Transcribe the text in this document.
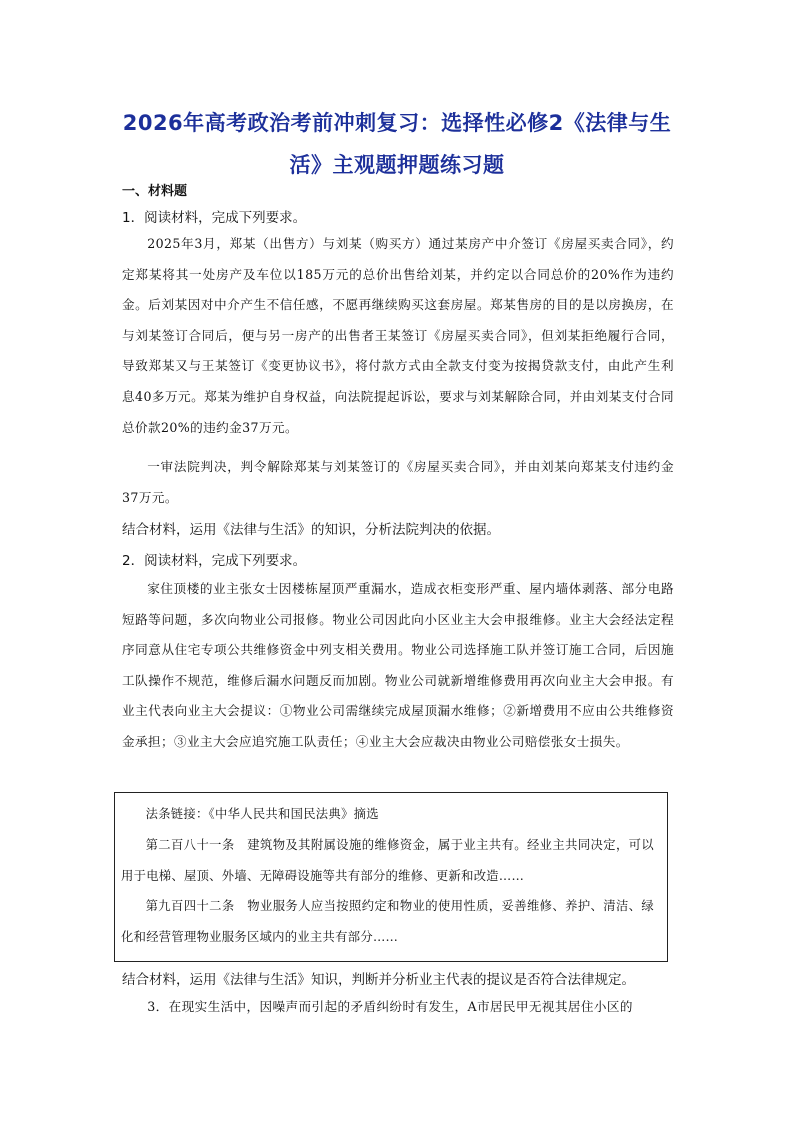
2026年高考政治考前冲刺复习：选择性必修2《法律与生活》主观题押题练习题
一、材料题
1．阅读材料，完成下列要求。
2025年3月，郑某（出售方）与刘某（购买方）通过某房产中介签订《房屋买卖合同》，约定郑某将其一处房产及车位以185万元的总价出售给刘某，并约定以合同总价的20%作为违约金。后刘某因对中介产生不信任感，不愿再继续购买这套房屋。郑某售房的目的是以房换房，在与刘某签订合同后，便与另一房产的出售者王某签订《房屋买卖合同》，但刘某拒绝履行合同，导致郑某又与王某签订《变更协议书》，将付款方式由全款支付变为按揭贷款支付，由此产生利息40多万元。郑某为维护自身权益，向法院提起诉讼，要求与刘某解除合同，并由刘某支付合同总价款20%的违约金37万元。
一审法院判决，判令解除郑某与刘某签订的《房屋买卖合同》，并由刘某向郑某支付违约金37万元。
结合材料，运用《法律与生活》的知识，分析法院判决的依据。
2．阅读材料，完成下列要求。
家住顶楼的业主张女士因楼栋屋顶严重漏水，造成衣柜变形严重、屋内墙体剥落、部分电路短路等问题，多次向物业公司报修。物业公司因此向小区业主大会申报维修。业主大会经法定程序同意从住宅专项公共维修资金中列支相关费用。物业公司选择施工队并签订施工合同，后因施工队操作不规范，维修后漏水问题反而加剧。物业公司就新增维修费用再次向业主大会申报。有业主代表向业主大会提议：①物业公司需继续完成屋顶漏水维修；②新增费用不应由公共维修资金承担；③业主大会应追究施工队责任；④业主大会应裁决由物业公司赔偿张女士损失。
法条链接：《中华人民共和国民法典》摘选
第二百八十一条　建筑物及其附属设施的维修资金，属于业主共有。经业主共同决定，可以用于电梯、屋顶、外墙、无障碍设施等共有部分的维修、更新和改造……
第九百四十二条　物业服务人应当按照约定和物业的使用性质，妥善维修、养护、清洁、绿化和经营管理物业服务区域内的业主共有部分……
结合材料，运用《法律与生活》知识，判断并分析业主代表的提议是否符合法律规定。
3．在现实生活中，因噪声而引起的矛盾纠纷时有发生，A市居民甲无视其居住小区的
